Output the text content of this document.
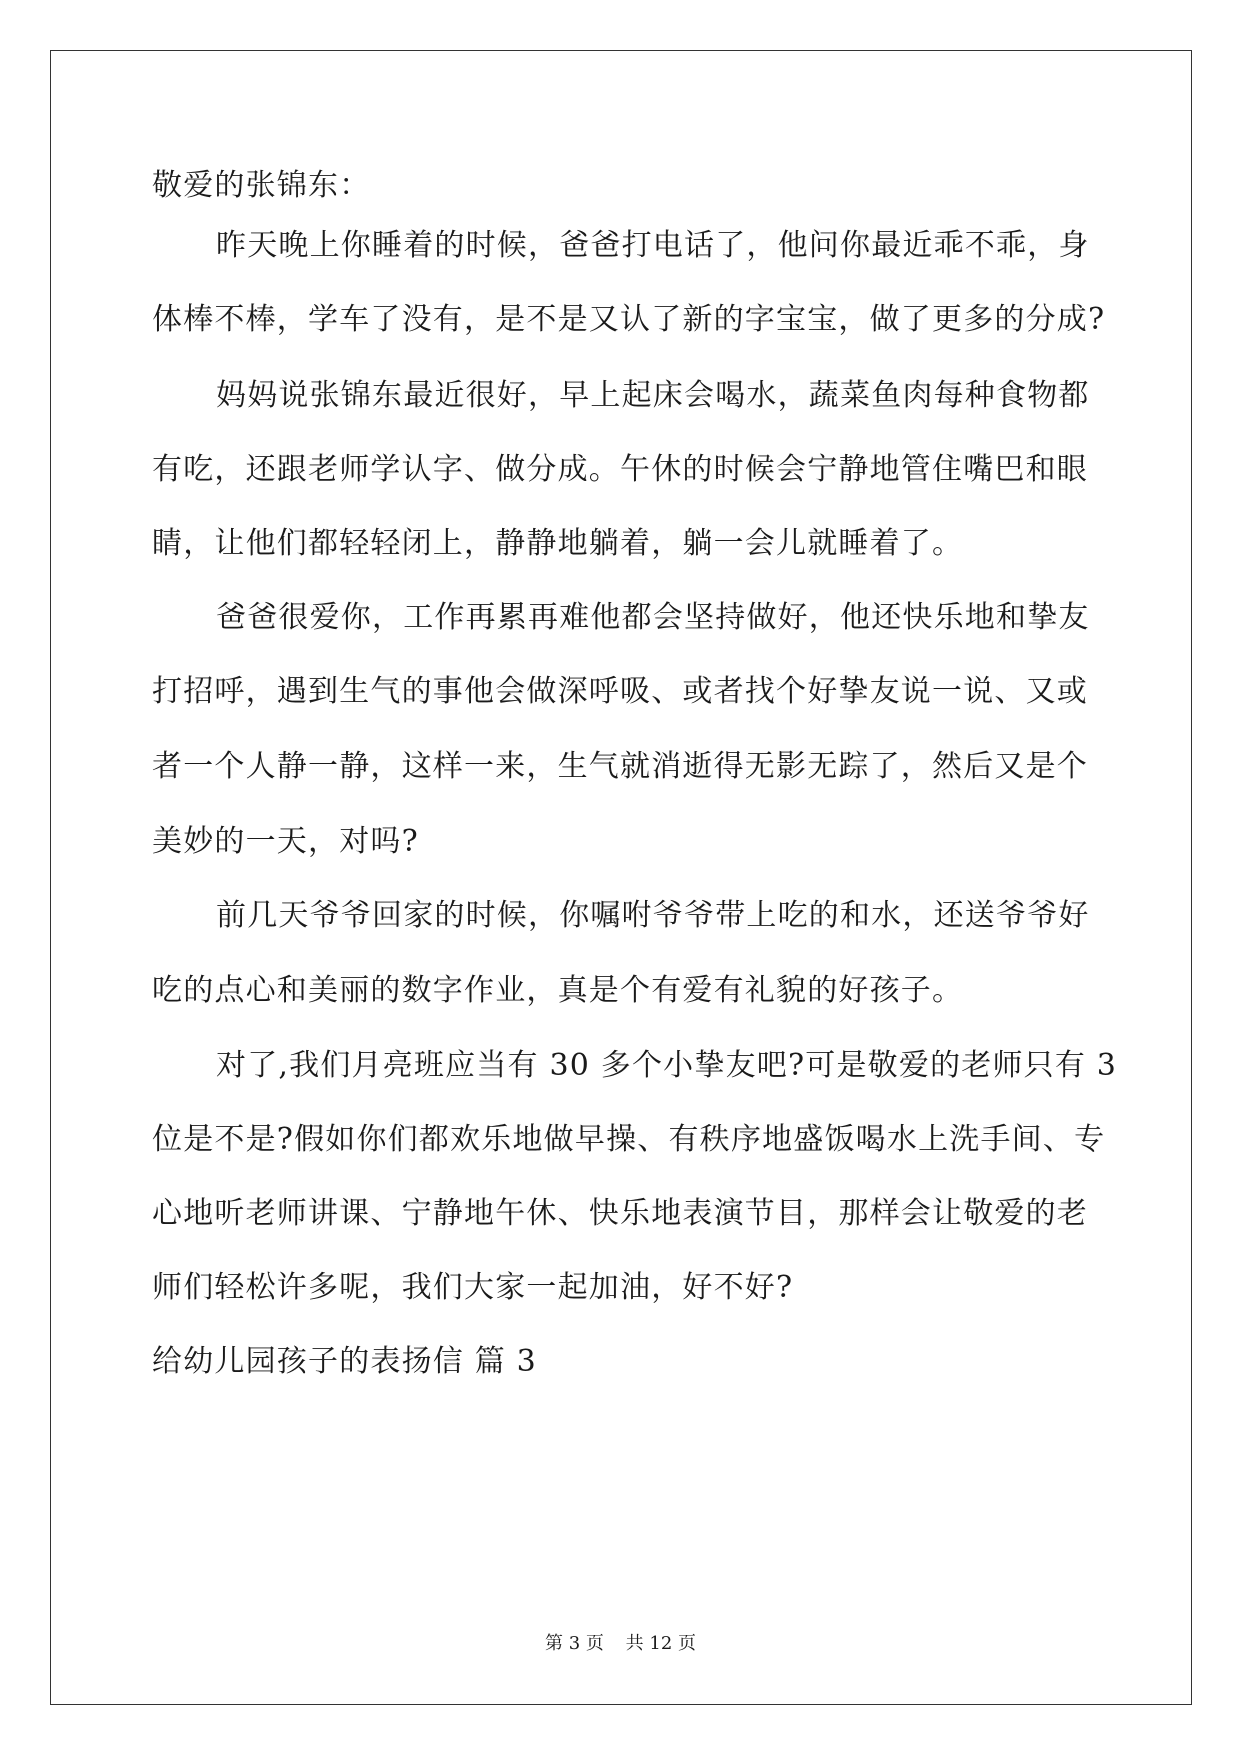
敬爱的张锦东：
昨天晚上你睡着的时候，爸爸打电话了，他问你最近乖不乖，身
体棒不棒，学车了没有，是不是又认了新的字宝宝，做了更多的分成?
妈妈说张锦东最近很好，早上起床会喝水，蔬菜鱼肉每种食物都
有吃，还跟老师学认字、做分成。午休的时候会宁静地管住嘴巴和眼
睛，让他们都轻轻闭上，静静地躺着，躺一会儿就睡着了。
爸爸很爱你，工作再累再难他都会坚持做好，他还快乐地和挚友
打招呼，遇到生气的事他会做深呼吸、或者找个好挚友说一说、又或
者一个人静一静，这样一来，生气就消逝得无影无踪了，然后又是个
美妙的一天，对吗?
前几天爷爷回家的时候，你嘱咐爷爷带上吃的和水，还送爷爷好
吃的点心和美丽的数字作业，真是个有爱有礼貌的好孩子。
对了,我们月亮班应当有 30 多个小挚友吧?可是敬爱的老师只有 3
位是不是?假如你们都欢乐地做早操、有秩序地盛饭喝水上洗手间、专
心地听老师讲课、宁静地午休、快乐地表演节目，那样会让敬爱的老
师们轻松许多呢，我们大家一起加油，好不好?
给幼儿园孩子的表扬信 篇 3
第 3 页 共 12 页
